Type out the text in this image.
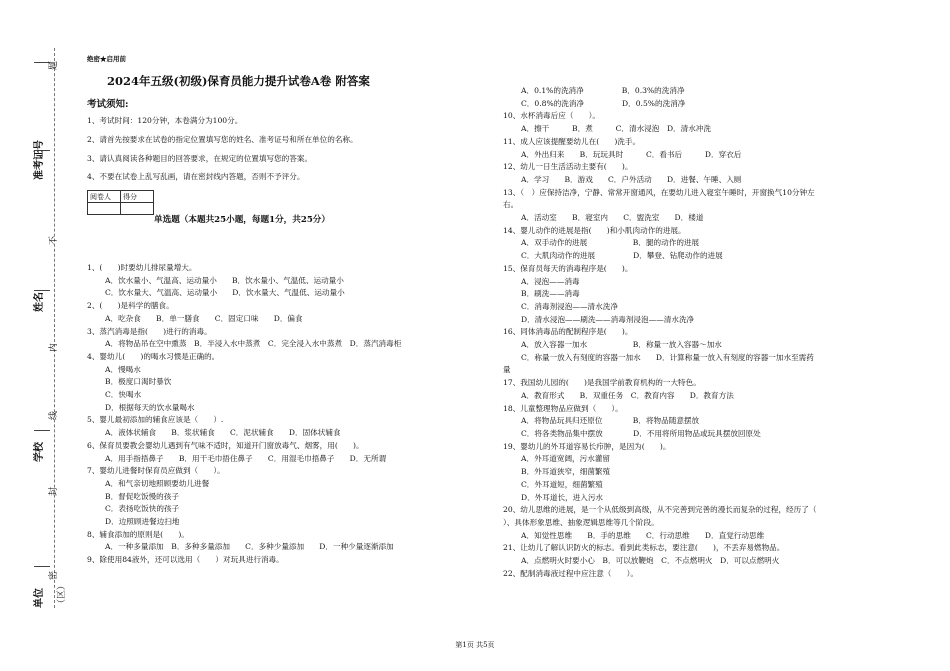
题
准考证号
不
姓名
内
线
学校
封
密
（区）
单位
绝密★启用前
2024年五级(初级)保育员能力提升试卷A卷 附答案
考试须知:
1、考试时间：120分钟，本卷满分为100分。
2、请首先按要求在试卷的指定位置填写您的姓名、准考证号和所在单位的名称。
3、请认真阅读各种题目的回答要求，在规定的位置填写您的答案。
4、不要在试卷上乱写乱画，请在密封线内答题，否则不予评分。
阅卷人	得分

单选题（本题共25小题，每题1分，共25分）
1、(　　)时要幼儿排尿量增大。
A．饮水量小、气温高、运动量小　　B．饮水量小、气温低、运动量小
C．饮水量大、气温高、运动量小　　D．饮水量大、气温低、运动量小
2、(　　)是科学的膳食。
A．吃杂食　　B．单一膳食　　C．固定口味　　D．偏食
3、蒸汽消毒是指(　　)进行的消毒。
A．将物品吊在空中熏蒸　B．半浸入水中蒸煮　C．完全浸入水中蒸煮　D．蒸汽消毒柜
4、婴幼儿(　　)的喝水习惯是正确的。
A．慢喝水
B．极度口渴时暴饮
C．快喝水
D．根据每天的饮水量喝水
5、婴儿最初添加的辅食应该是（　　）.
A．液体状辅食　　B．浆状辅食　　C．泥状辅食　　D．固体状辅食
6、保育员要教会婴幼儿遇到有气味不适时，知道开门窗放毒气、烟雾，用(　　)。
A．用手指捂鼻子　　B．用干毛巾捂住鼻子　　C．用湿毛巾捂鼻子　　D．无所谓
7、婴幼儿进餐时保育员应做到（　　）。
A．和气亲切地照顾要幼儿进餐
B．督促吃饭慢的孩子
C．表扬吃饭快的孩子
D．边照顾进餐边扫地
8、辅食添加的原则是(　　)。
A．一种多量添加　B．多种多量添加　　C．多种少量添加　　D．一种少量逐渐添加
9、除使用84液外，还可以选用（　　）对玩具进行消毒。
A．0.1%的洗消净　　　　　B．0.3%的洗消净
C．0.8%的洗消净　　　　　D．0.5%的洗消净
10、水杯消毒后应（　　）。
A．擦干　　　B．煮　　　C．清水浸泡　D．清水冲洗
11、成人应该提醒要幼儿在(　　)洗手。
A．外出归来　　B．玩玩具时　　　C．看书后　　　D．穿衣后
12、幼儿一日生活活动主要有(　　)。
A．学习　　B．游戏　　C．户外活动　　D．进餐、午睡、入厕
13、（　）应保持洁净，宁静、常常开窗通风，在要幼儿进入寝室午睡时，开窗换气10分钟左
右。
A．活动室　　B．寝室内　　C．盥洗室　　D．楼道
14、婴儿动作的进展是指(　　)和小肌肉动作的进展。
A．双手动作的进展　　　　　　B．腿的动作的进展
C．大肌肉动作的进展　　　　　D．攀登、钻爬动作的进展
15、保育员每天的消毒程序是(　　)。
A．浸泡——消毒
B．刷洗——消毒
C．消毒剂浸泡——清水洗净
D．清水浸泡——刷洗——消毒剂浸泡——清水洗净
16、同体消毒品的配制程序是(　　)。
A．放入容器一加水　　　　　　B．称量一放入容器～加水
C．称量一放入有刻度的容器一加水　　D．计算称量一放入有刻度的容器一加水至需药
量
17、我国幼儿园的(　　)是我国学前教育机构的一大特色。
A．教育形式　　B．双重任务　C．教育内容　　D．教育方法
18、儿童整理物品应做到（　　）。
A．将物品玩具归还原位　　　　B．将物品随意摆放
C．将各类物品集中摆放　　　　D．不用将所用物品或玩具摆放回原处
19、婴幼儿的外耳道容易长疖肿，是因为(　　)。
A．外耳道宽阔，污水灌留
B．外耳道狭窄，细菌繁殖
C．外耳道短，细菌繁殖
D．外耳道长，进入污水
20、幼儿思维的进展，是一个从低级到高级，从不完善到完善的漫长而复杂的过程，经历了（
）、具体形象思维、抽象逻辑思维等几个阶段。
A．知觉性思维　　B．手的思维　　C．行动思维　　D．直觉行动思维
21、让幼儿了解认识防火的标志。看到此类标志，要注意(　　)，不丢弃易燃物品。
A．点燃明火时要小心　B．可以放鞭炮　C．不点燃明火　D．可以点燃明火
22、配制消毒液过程中应注意（　　）。
第1页 共5页
